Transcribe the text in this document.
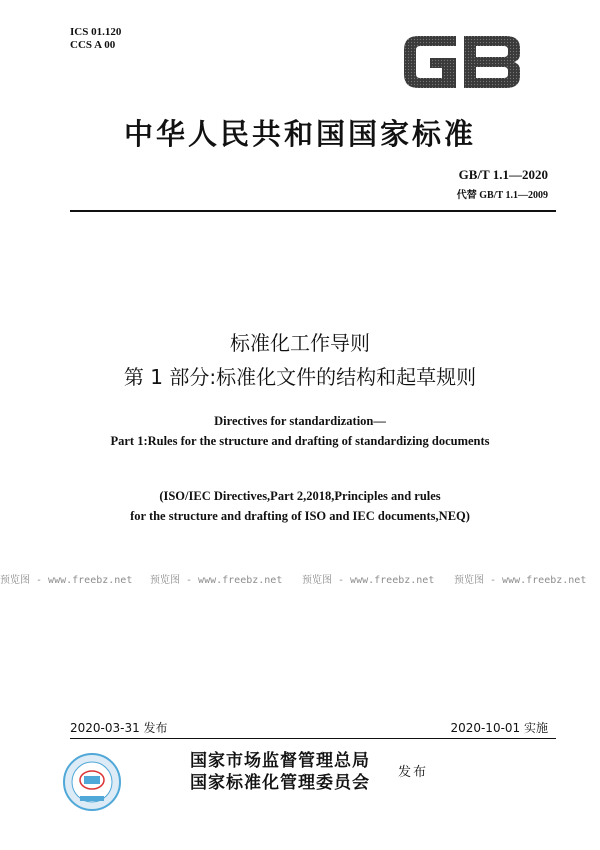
ICS 01.120
CCS A 00
中华人民共和国国家标准
GB/T 1.1—2020
代替 GB/T 1.1—2009
标准化工作导则
第 1 部分:标准化文件的结构和起草规则
Directives for standardization—
Part 1:Rules for the structure and drafting of standardizing documents
(ISO/IEC Directives,Part 2,2018,Principles and rules
for the structure and drafting of ISO and IEC documents,NEQ)
预览图 - www.freebz.net 预览图 - www.freebz.net 预览图 - www.freebz.net 预览图 - www.freebz.net
2020-03-31 发布	2020-10-01 实施
国家市场监督管理总局
国家标准化管理委员会
发布
